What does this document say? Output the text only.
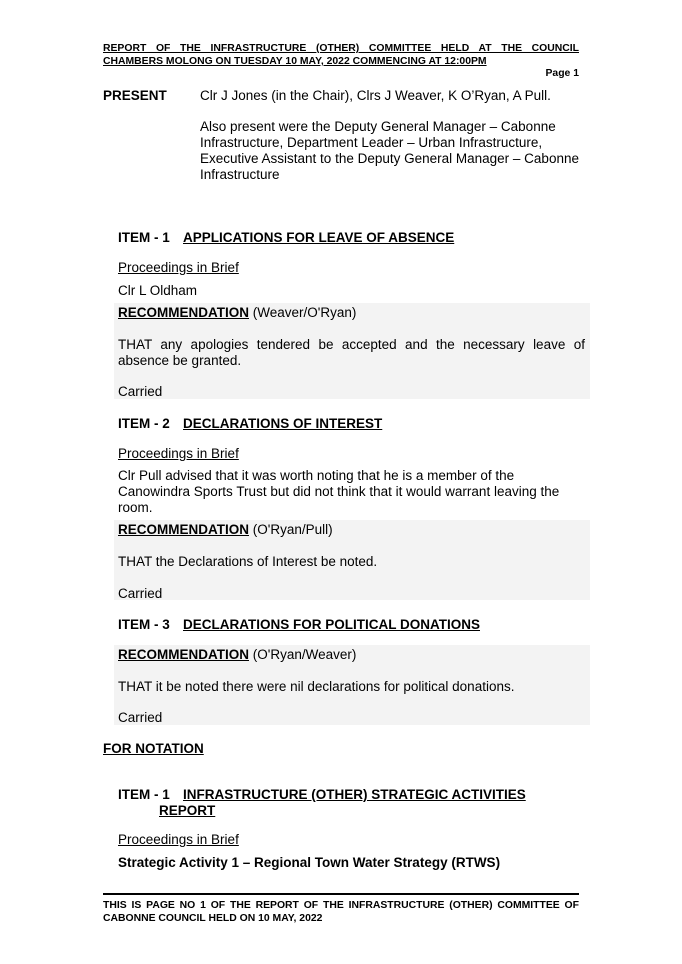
REPORT OF THE INFRASTRUCTURE (OTHER) COMMITTEE HELD AT THE COUNCIL CHAMBERS MOLONG ON TUESDAY 10 MAY, 2022 COMMENCING AT 12:00PM
Page 1
PRESENT Clr J Jones (in the Chair), Clrs J Weaver, K O’Ryan, A Pull.
Also present were the Deputy General Manager – Cabonne Infrastructure, Department Leader – Urban Infrastructure, Executive Assistant to the Deputy General Manager – Cabonne Infrastructure
ITEM - 1 APPLICATIONS FOR LEAVE OF ABSENCE
Proceedings in Brief
Clr L Oldham
RECOMMENDATION (Weaver/O'Ryan)
THAT any apologies tendered be accepted and the necessary leave of absence be granted.
Carried
ITEM - 2 DECLARATIONS OF INTEREST
Proceedings in Brief
Clr Pull advised that it was worth noting that he is a member of the Canowindra Sports Trust but did not think that it would warrant leaving the room.
RECOMMENDATION (O'Ryan/Pull)
THAT the Declarations of Interest be noted.
Carried
ITEM - 3 DECLARATIONS FOR POLITICAL DONATIONS
RECOMMENDATION (O'Ryan/Weaver)
THAT it be noted there were nil declarations for political donations.
Carried
FOR NOTATION
ITEM - 1 INFRASTRUCTURE (OTHER) STRATEGIC ACTIVITIES
REPORT
Proceedings in Brief
Strategic Activity 1 – Regional Town Water Strategy (RTWS)
THIS IS PAGE NO 1 OF THE REPORT OF THE INFRASTRUCTURE (OTHER) COMMITTEE OF CABONNE COUNCIL HELD ON 10 MAY, 2022
